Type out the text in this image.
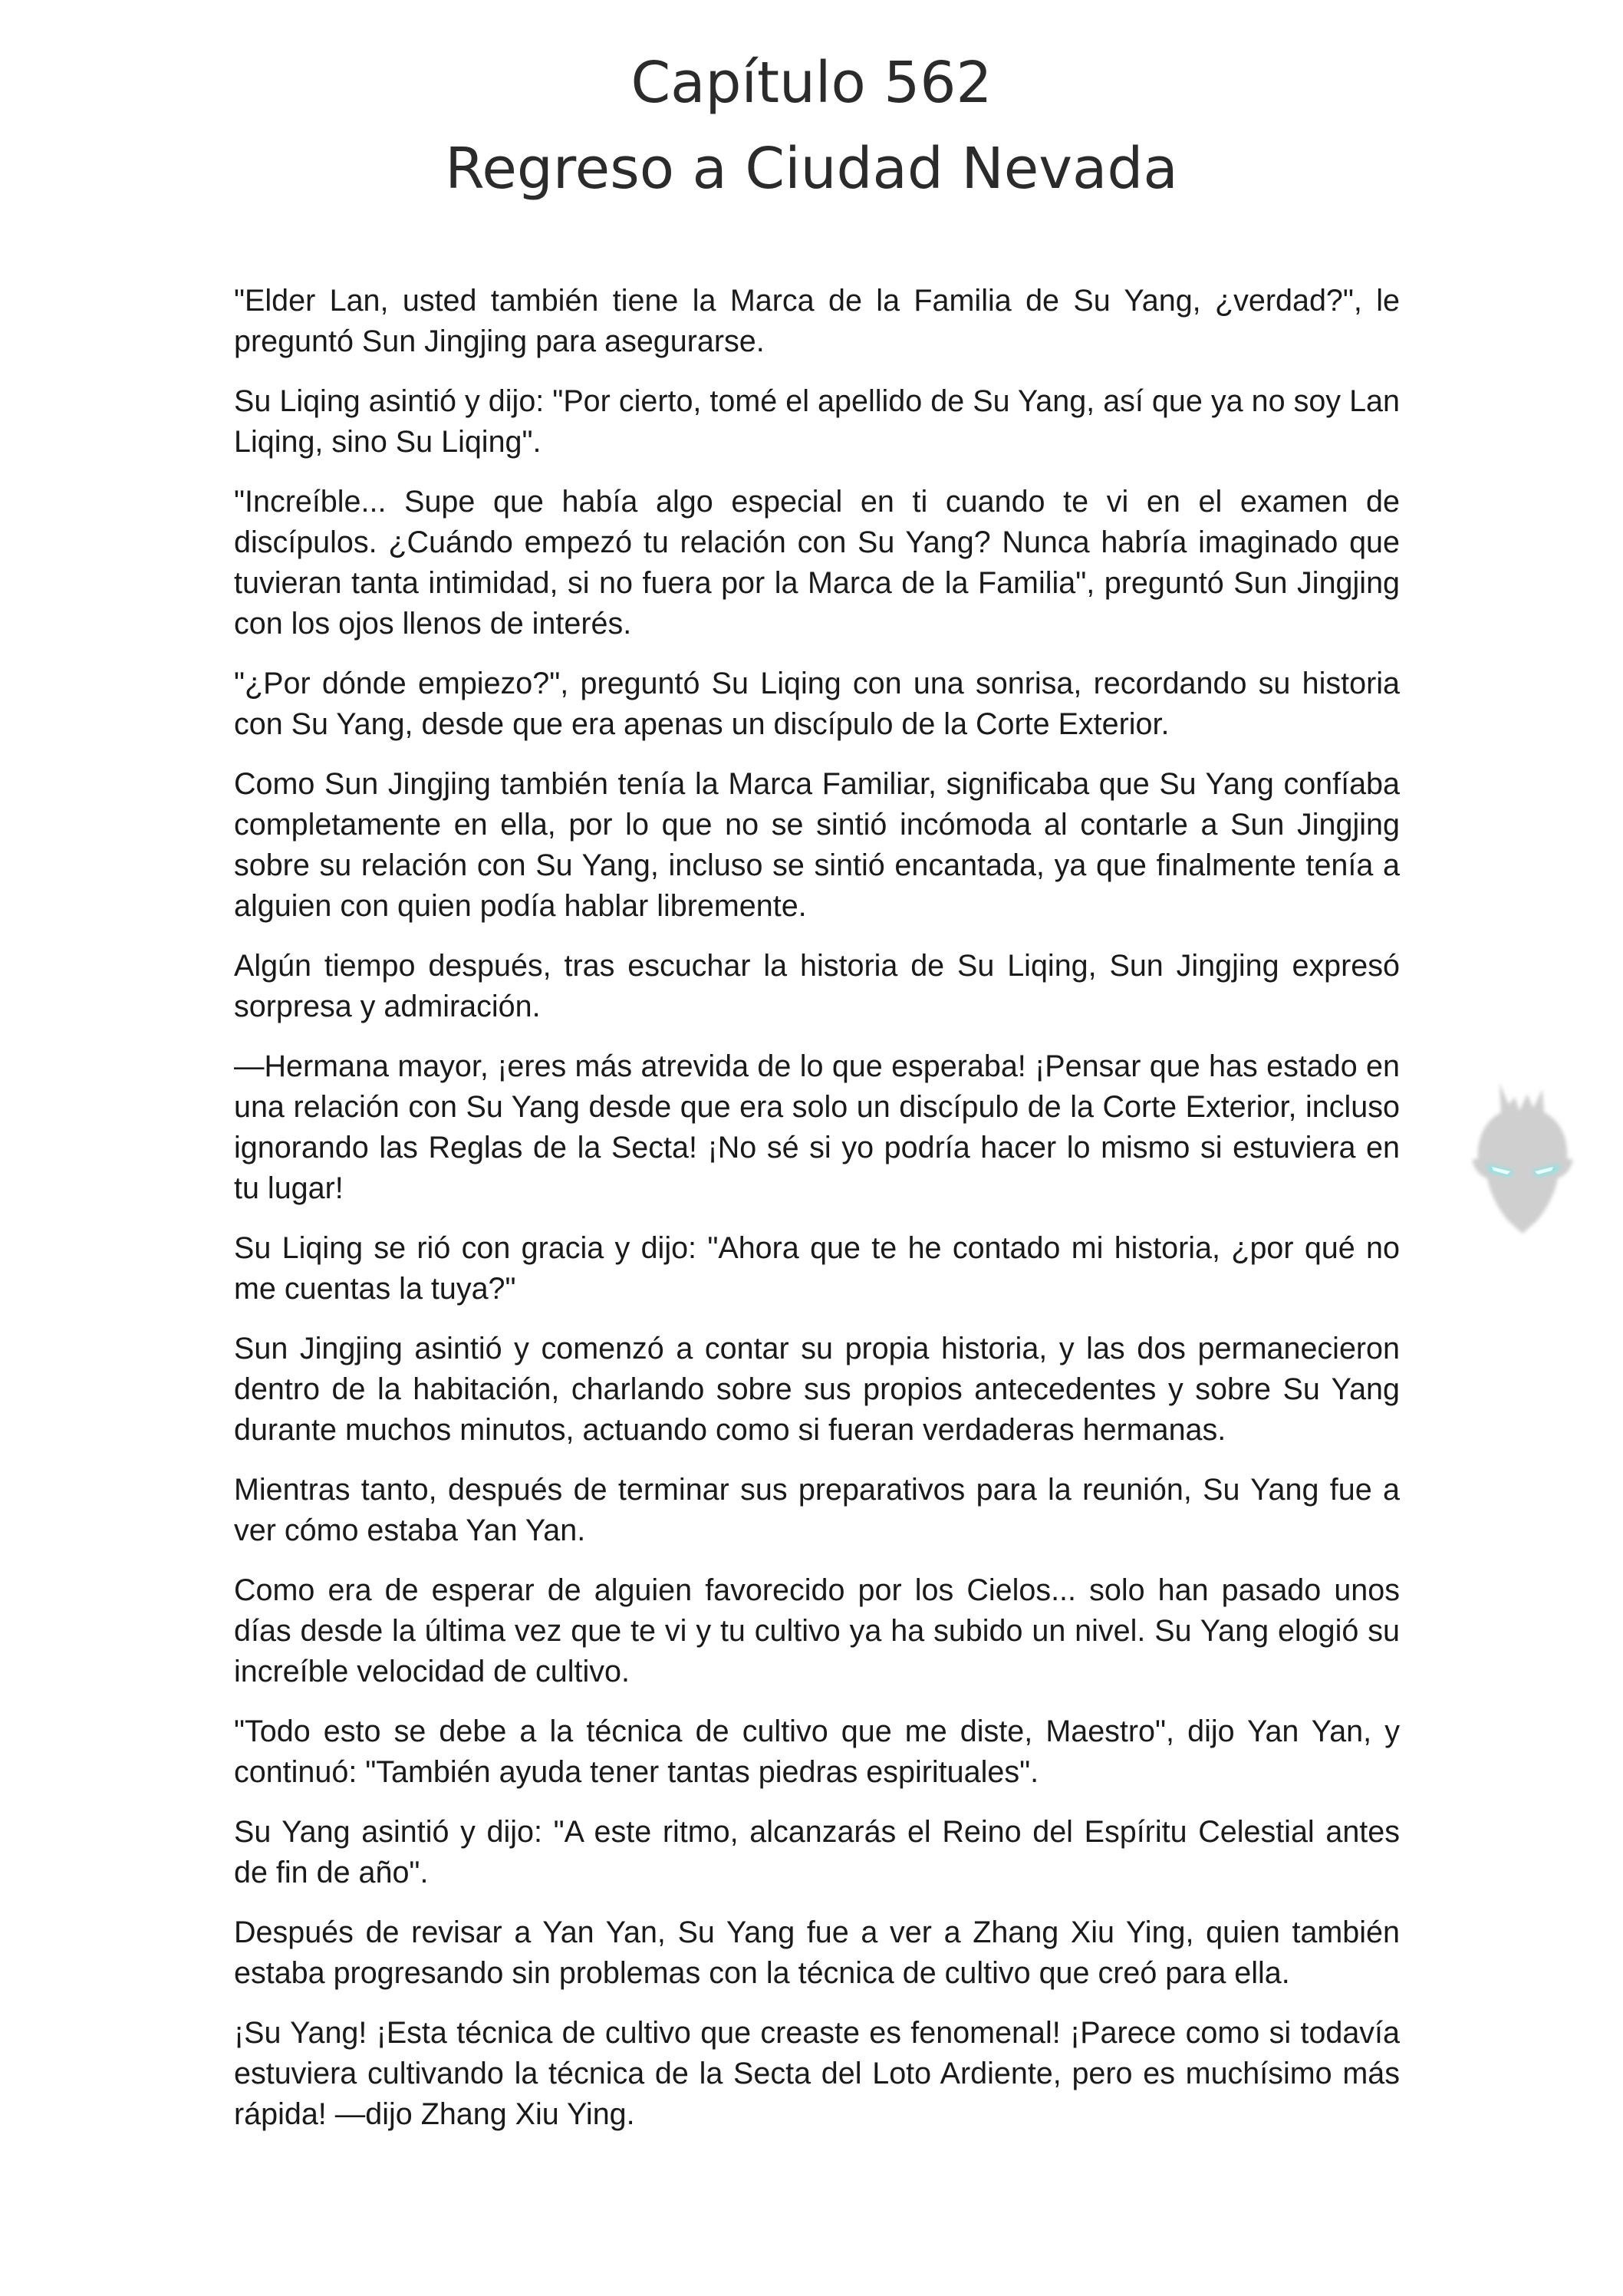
Capítulo 562
Regreso a Ciudad Nevada

"Elder Lan, usted también tiene la Marca de la Familia de Su Yang, ¿verdad?", le preguntó Sun Jingjing para asegurarse.

Su Liqing asintió y dijo: "Por cierto, tomé el apellido de Su Yang, así que ya no soy Lan Liqing, sino Su Liqing".

"Increíble... Supe que había algo especial en ti cuando te vi en el examen de discípulos. ¿Cuándo empezó tu relación con Su Yang? Nunca habría imaginado que tuvieran tanta intimidad, si no fuera por la Marca de la Familia", preguntó Sun Jingjing con los ojos llenos de interés.

"¿Por dónde empiezo?", preguntó Su Liqing con una sonrisa, recordando su historia con Su Yang, desde que era apenas un discípulo de la Corte Exterior.

Como Sun Jingjing también tenía la Marca Familiar, significaba que Su Yang confíaba completamente en ella, por lo que no se sintió incómoda al contarle a Sun Jingjing sobre su relación con Su Yang, incluso se sintió encantada, ya que finalmente tenía a alguien con quien podía hablar libremente.

Algún tiempo después, tras escuchar la historia de Su Liqing, Sun Jingjing expresó sorpresa y admiración.

—Hermana mayor, ¡eres más atrevida de lo que esperaba! ¡Pensar que has estado en una relación con Su Yang desde que era solo un discípulo de la Corte Exterior, incluso ignorando las Reglas de la Secta! ¡No sé si yo podría hacer lo mismo si estuviera en tu lugar!

Su Liqing se rió con gracia y dijo: "Ahora que te he contado mi historia, ¿por qué no me cuentas la tuya?"

Sun Jingjing asintió y comenzó a contar su propia historia, y las dos permanecieron dentro de la habitación, charlando sobre sus propios antecedentes y sobre Su Yang durante muchos minutos, actuando como si fueran verdaderas hermanas.

Mientras tanto, después de terminar sus preparativos para la reunión, Su Yang fue a ver cómo estaba Yan Yan.

Como era de esperar de alguien favorecido por los Cielos... solo han pasado unos días desde la última vez que te vi y tu cultivo ya ha subido un nivel. Su Yang elogió su increíble velocidad de cultivo.

"Todo esto se debe a la técnica de cultivo que me diste, Maestro", dijo Yan Yan, y continuó: "También ayuda tener tantas piedras espirituales".

Su Yang asintió y dijo: "A este ritmo, alcanzarás el Reino del Espíritu Celestial antes de fin de año".

Después de revisar a Yan Yan, Su Yang fue a ver a Zhang Xiu Ying, quien también estaba progresando sin problemas con la técnica de cultivo que creó para ella.

¡Su Yang! ¡Esta técnica de cultivo que creaste es fenomenal! ¡Parece como si todavía estuviera cultivando la técnica de la Secta del Loto Ardiente, pero es muchísimo más rápida! —dijo Zhang Xiu Ying.
